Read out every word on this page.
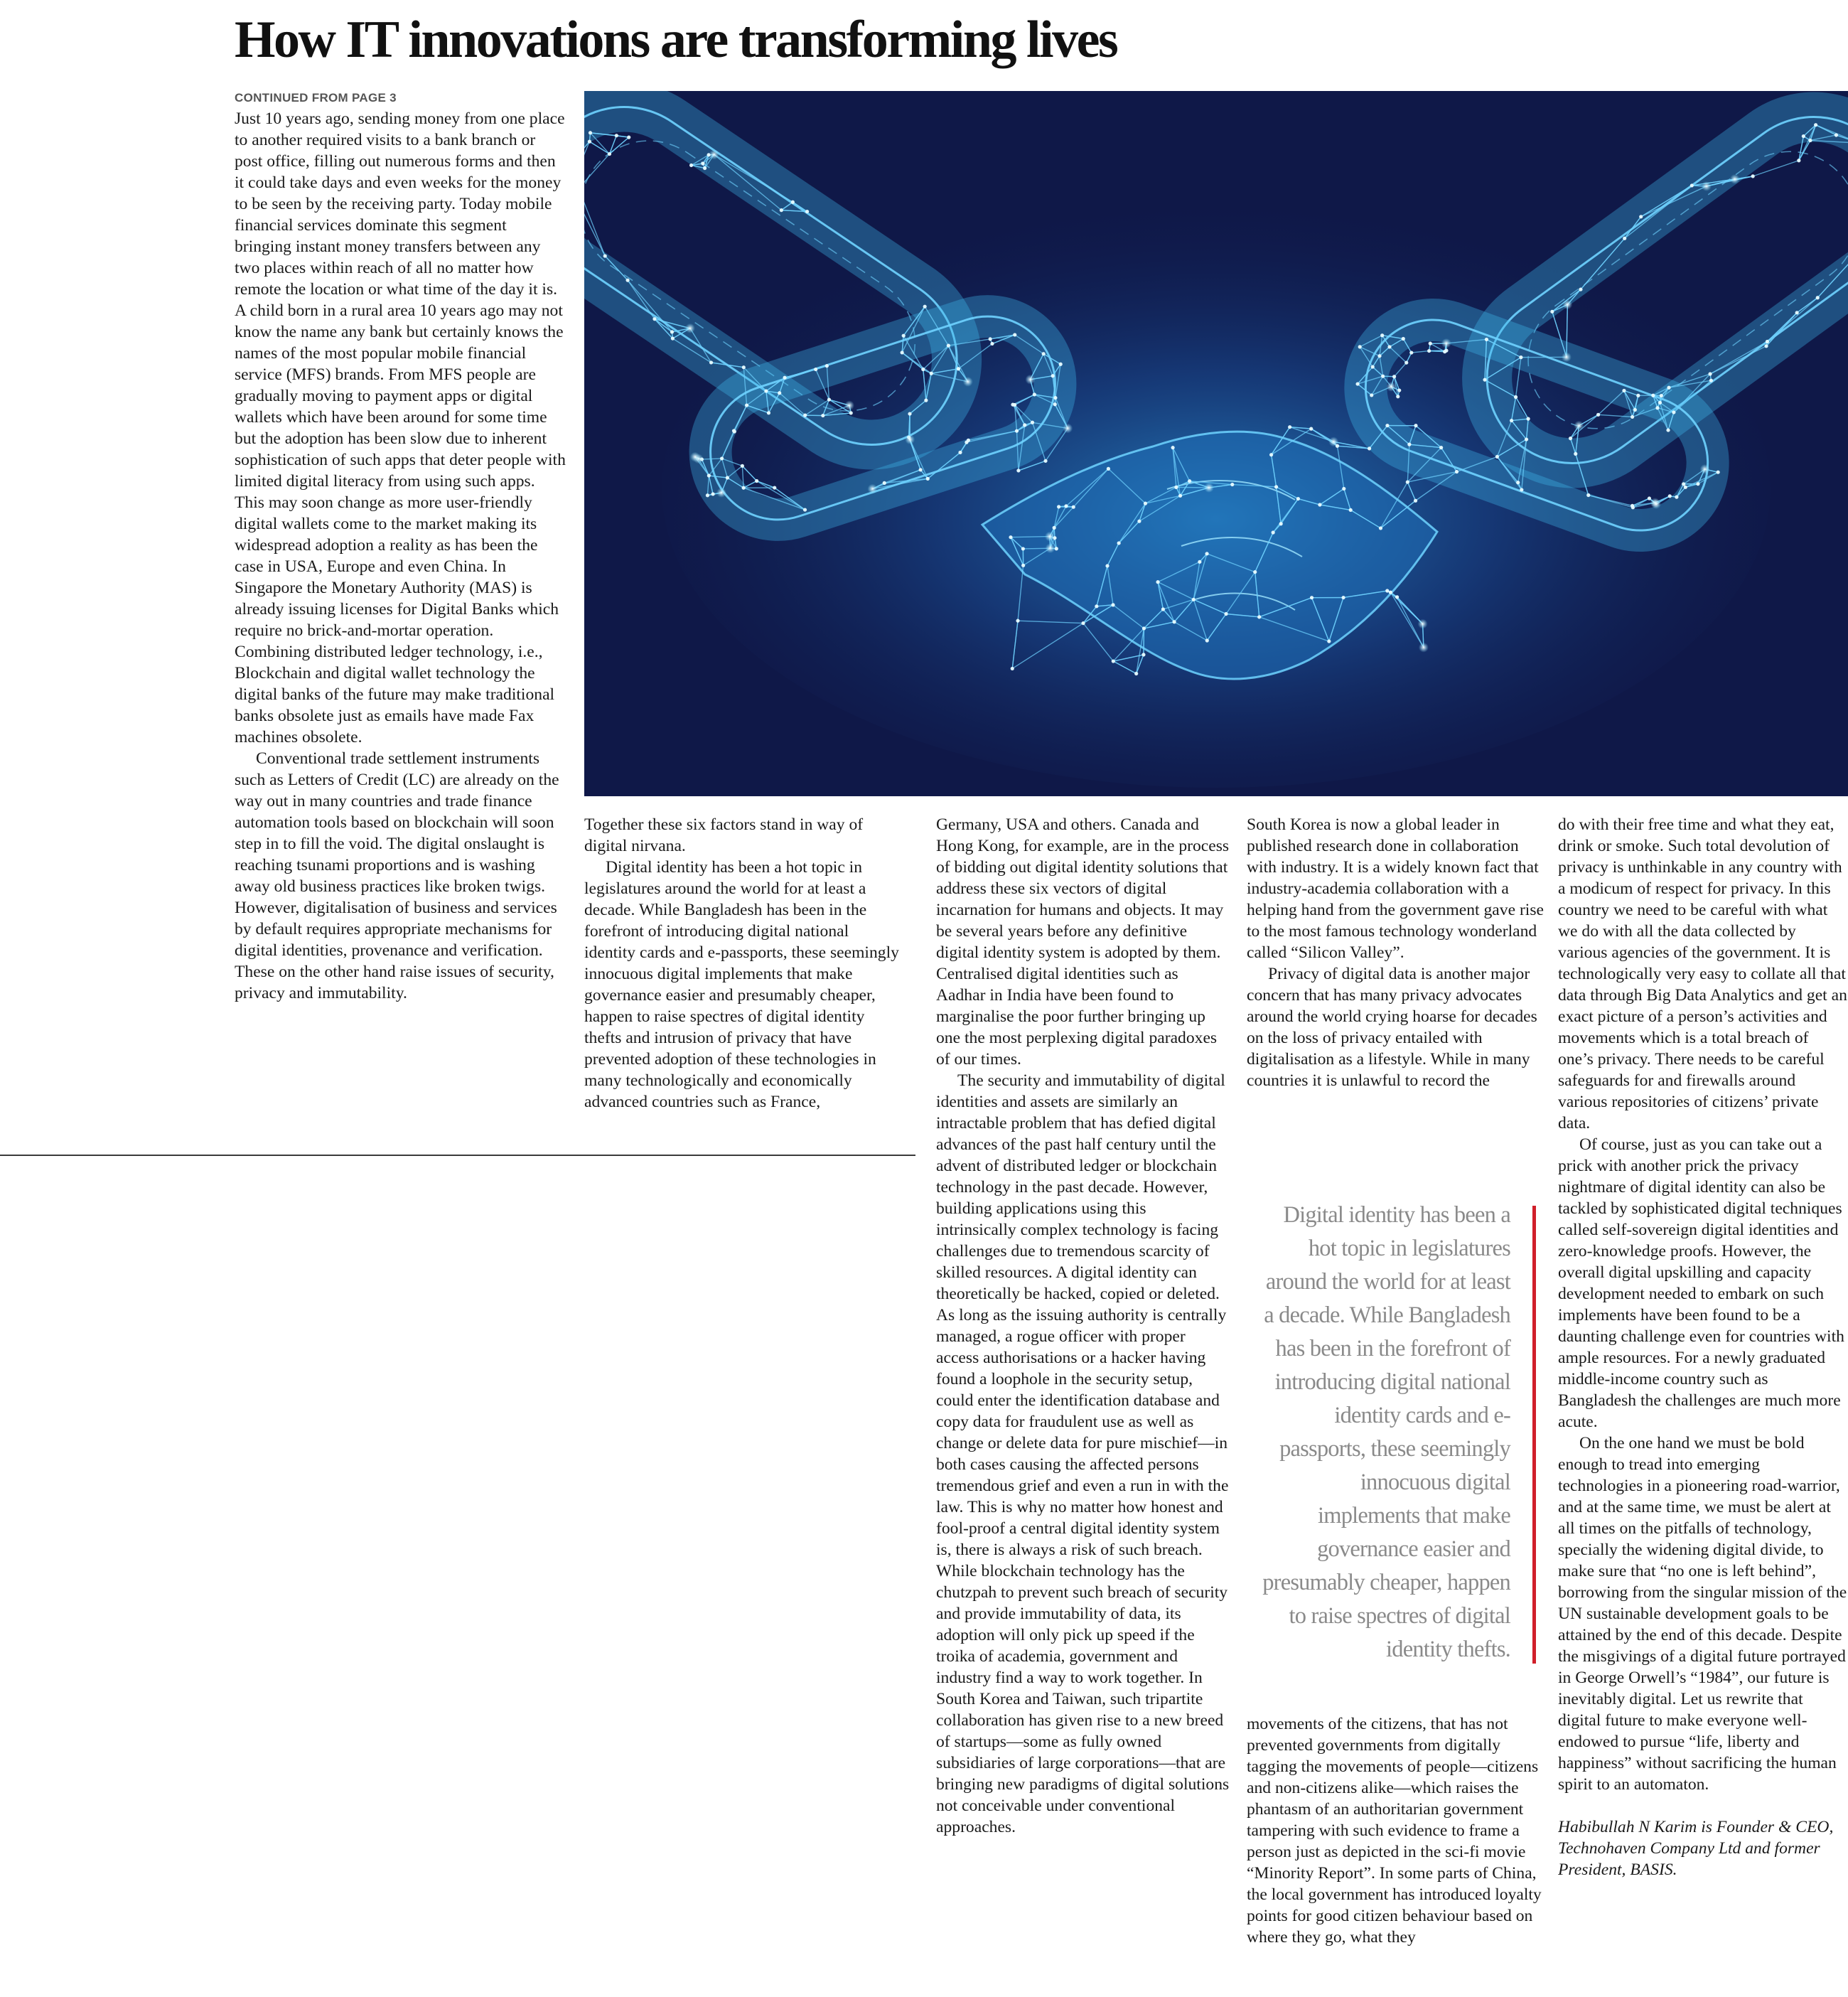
How IT innovations are transforming lives
CONTINUED FROM PAGE 3

Just 10 years ago, sending money from one place to another required visits to a bank branch or post office, filling out numerous forms and then it could take days and even weeks for the money to be seen by the receiving party. Today mobile financial services dominate this segment bringing instant money transfers between any two places within reach of all no matter how remote the location or what time of the day it is. A child born in a rural area 10 years ago may not know the name any bank but certainly knows the names of the most popular mobile financial service (MFS) brands. From MFS people are gradually moving to payment apps or digital wallets which have been around for some time but the adoption has been slow due to inherent sophistication of such apps that deter people with limited digital literacy from using such apps. This may soon change as more user-friendly digital wallets come to the market making its widespread adoption a reality as has been the case in USA, Europe and even China. In Singapore the Monetary Authority (MAS) is already issuing licenses for Digital Banks which require no brick-and-mortar operation. Combining distributed ledger technology, i.e., Blockchain and digital wallet technology the digital banks of the future may make traditional banks obsolete just as emails have made Fax machines obsolete.

Conventional trade settlement instruments such as Letters of Credit (LC) are already on the way out in many countries and trade finance automation tools based on blockchain will soon step in to fill the void. The digital onslaught is reaching tsunami proportions and is washing away old business practices like broken twigs. However, digitalisation of business and services by default requires appropriate mechanisms for digital identities, provenance and verification. These on the other hand raise issues of security, privacy and immutability.

Together these six factors stand in way of digital nirvana.

Digital identity has been a hot topic in legislatures around the world for at least a decade. While Bangladesh has been in the forefront of introducing digital national identity cards and e-passports, these seemingly innocuous digital implements that make governance easier and presumably cheaper, happen to raise spectres of digital identity thefts and intrusion of privacy that have prevented adoption of these technologies in many technologically and economically advanced countries such as France,

Germany, USA and others. Canada and Hong Kong, for example, are in the process of bidding out digital identity solutions that address these six vectors of digital incarnation for humans and objects. It may be several years before any definitive digital identity system is adopted by them. Centralised digital identities such as Aadhar in India have been found to marginalise the poor further bringing up one the most perplexing digital paradoxes of our times.

The security and immutability of digital identities and assets are similarly an intractable problem that has defied digital advances of the past half century until the advent of distributed ledger or blockchain technology in the past decade. However, building applications using this intrinsically complex technology is facing challenges due to tremendous scarcity of skilled resources. A digital identity can theoretically be hacked, copied or deleted. As long as the issuing authority is centrally managed, a rogue officer with proper access authorisations or a hacker having found a loophole in the security setup, could enter the identification database and copy data for fraudulent use as well as change or delete data for pure mischief—in both cases causing the affected persons tremendous grief and even a run in with the law. This is why no matter how honest and fool-proof a central digital identity system is, there is always a risk of such breach. While blockchain technology has the chutzpah to prevent such breach of security and provide immutability of data, its adoption will only pick up speed if the troika of academia, government and industry find a way to work together. In South Korea and Taiwan, such tripartite collaboration has given rise to a new breed of startups—some as fully owned subsidiaries of large corporations—that are bringing new paradigms of digital solutions not conceivable under conventional approaches.

South Korea is now a global leader in published research done in collaboration with industry. It is a widely known fact that industry-academia collaboration with a helping hand from the government gave rise to the most famous technology wonderland called “Silicon Valley”.

Privacy of digital data is another major concern that has many privacy advocates around the world crying hoarse for decades on the loss of privacy entailed with digitalisation as a lifestyle. While in many countries it is unlawful to record the

Digital identity has been a hot topic in legislatures around the world for at least a decade. While Bangladesh has been in the forefront of introducing digital national identity cards and e-passports, these seemingly innocuous digital implements that make governance easier and presumably cheaper, happen to raise spectres of digital identity thefts.

movements of the citizens, that has not prevented governments from digitally tagging the movements of people—citizens and non-citizens alike—which raises the phantasm of an authoritarian government tampering with such evidence to frame a person just as depicted in the sci-fi movie “Minority Report”. In some parts of China, the local government has introduced loyalty points for good citizen behaviour based on where they go, what they

do with their free time and what they eat, drink or smoke. Such total devolution of privacy is unthinkable in any country with a modicum of respect for privacy. In this country we need to be careful with what we do with all the data collected by various agencies of the government. It is technologically very easy to collate all that data through Big Data Analytics and get an exact picture of a person’s activities and movements which is a total breach of one’s privacy. There needs to be careful safeguards for and firewalls around various repositories of citizens’ private data.

Of course, just as you can take out a prick with another prick the privacy nightmare of digital identity can also be tackled by sophisticated digital techniques called self-sovereign digital identities and zero-knowledge proofs. However, the overall digital upskilling and capacity development needed to embark on such implements have been found to be a daunting challenge even for countries with ample resources. For a newly graduated middle-income country such as Bangladesh the challenges are much more acute.

On the one hand we must be bold enough to tread into emerging technologies in a pioneering road-warrior, and at the same time, we must be alert at all times on the pitfalls of technology, specially the widening digital divide, to make sure that “no one is left behind”, borrowing from the singular mission of the UN sustainable development goals to be attained by the end of this decade. Despite the misgivings of a digital future portrayed in George Orwell’s “1984”, our future is inevitably digital. Let us rewrite that digital future to make everyone well-endowed to pursue “life, liberty and happiness” without sacrificing the human spirit to an automaton.

Habibullah N Karim is Founder & CEO, Technohaven Company Ltd and former President, BASIS.
